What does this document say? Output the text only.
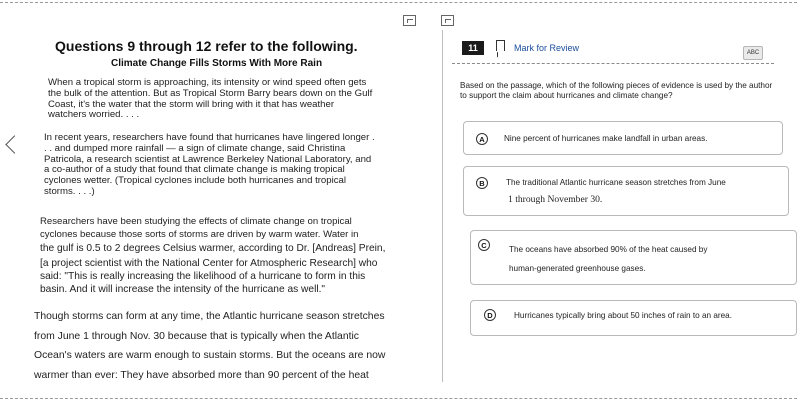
Questions 9 through 12 refer to the following.
Climate Change Fills Storms With More Rain
When a tropical storm is approaching, its intensity or wind speed often gets
the bulk of the attention. But as Tropical Storm Barry bears down on the Gulf
Coast, it's the water that the storm will bring with it that has weather
watchers worried. . . .
In recent years, researchers have found that hurricanes have lingered longer .
. . and dumped more rainfall — a sign of climate change, said Christina
Patricola, a research scientist at Lawrence Berkeley National Laboratory, and
a co-author of a study that found that climate change is making tropical
cyclones wetter. (Tropical cyclones include both hurricanes and tropical
storms. . . .)
Researchers have been studying the effects of climate change on tropical
cyclones because those sorts of storms are driven by warm water. Water in
the gulf is 0.5 to 2 degrees Celsius warmer, according to Dr. [Andreas] Prein,
[a project scientist with the National Center for Atmospheric Research] who
said: "This is really increasing the likelihood of a hurricane to form in this
basin. And it will increase the intensity of the hurricane as well."
Though storms can form at any time, the Atlantic hurricane season stretches
from June 1 through Nov. 30 because that is typically when the Atlantic
Ocean's waters are warm enough to sustain storms. But the oceans are now
warmer than ever: They have absorbed more than 90 percent of the heat
11	Mark for Review	ABC
Based on the passage, which of the following pieces of evidence is used by the author to support the claim about hurricanes and climate change?
A	Nine percent of hurricanes make landfall in urban areas.
B	The traditional Atlantic hurricane season stretches from June
1 through November 30.
C	The oceans have absorbed 90% of the heat caused by
human-generated greenhouse gases.
D	Hurricanes typically bring about 50 inches of rain to an area.
